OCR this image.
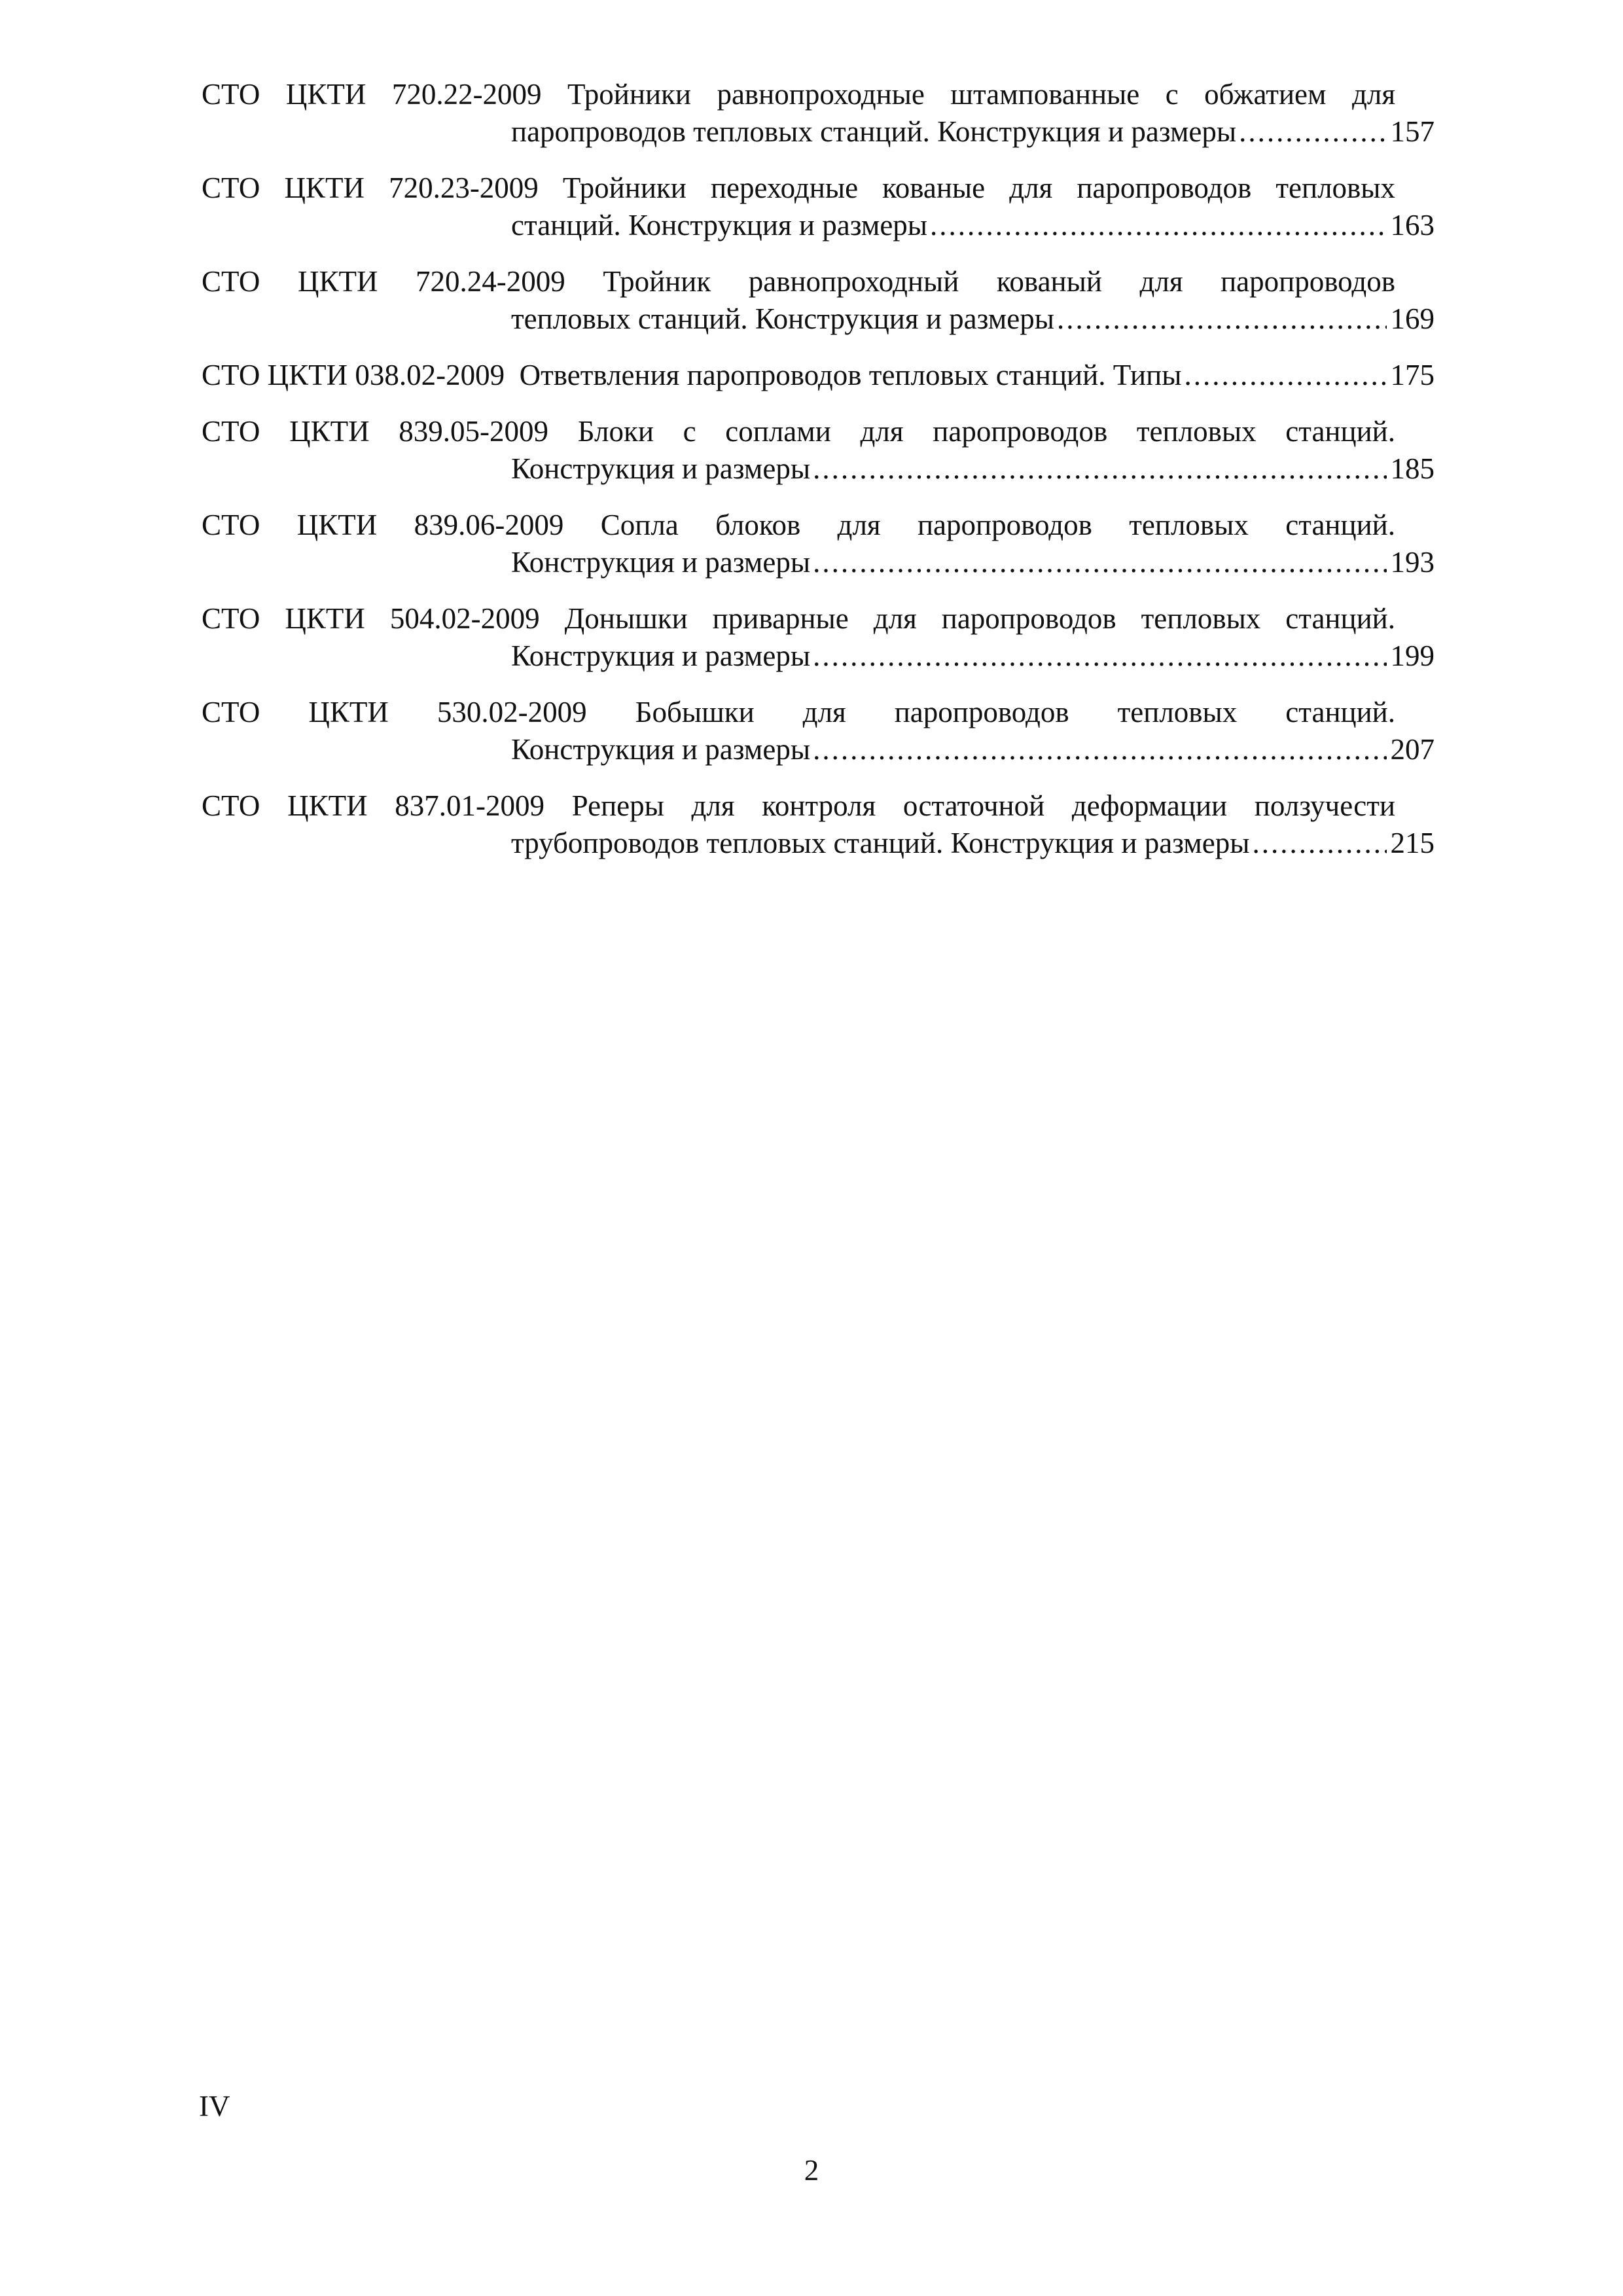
СТО ЦКТИ 720.22-2009 Тройники равнопроходные штампованные с обжатием для
паропроводов тепловых станций. Конструкция и размеры .....	157
СТО ЦКТИ 720.23-2009 Тройники переходные кованые для паропроводов тепловых
станций. Конструкция и размеры .....	163
СТО ЦКТИ 720.24-2009 Тройник равнопроходный кованый для паропроводов
тепловых станций. Конструкция и размеры .....	169
СТО ЦКТИ 038.02-2009
Ответвления паропроводов тепловых станций. Типы .....	175
СТО ЦКТИ 839.05-2009 Блоки с соплами для паропроводов тепловых станций.
Конструкция и размеры .....	185
СТО ЦКТИ 839.06-2009 Сопла блоков для паропроводов тепловых станций.
Конструкция и размеры .....	193
СТО ЦКТИ 504.02-2009 Донышки приварные для паропроводов тепловых станций.
Конструкция и размеры .....	199
СТО ЦКТИ 530.02-2009 Бобышки для паропроводов тепловых станций.
Конструкция и размеры .....	207
СТО ЦКТИ 837.01-2009 Реперы для контроля остаточной деформации ползучести
трубопроводов тепловых станций. Конструкция и размеры .....	215
IV
2
